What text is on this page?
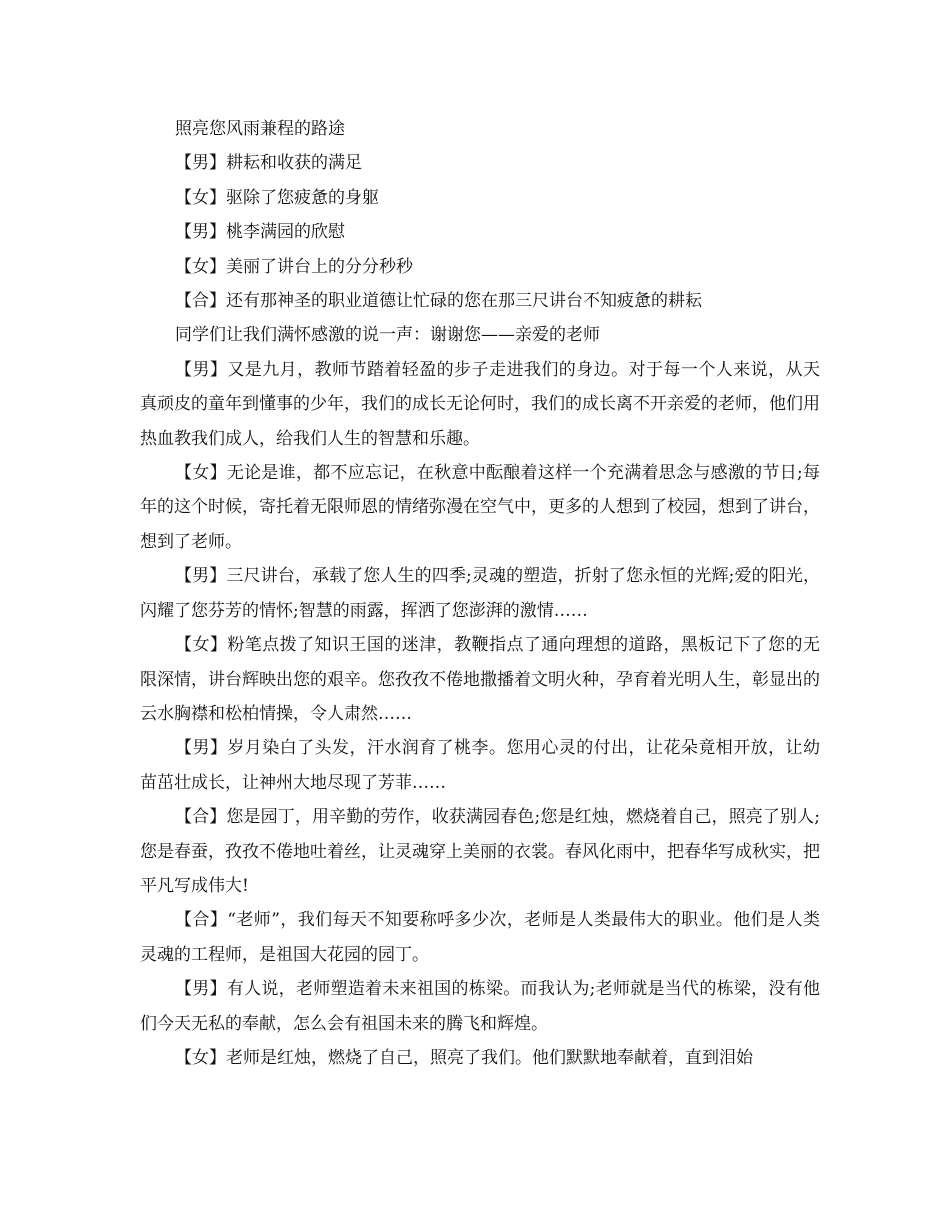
照亮您风雨兼程的路途

【男】耕耘和收获的满足

【女】驱除了您疲惫的身躯

【男】桃李满园的欣慰

【女】美丽了讲台上的分分秒秒

【合】还有那神圣的职业道德让忙碌的您在那三尺讲台不知疲惫的耕耘

同学们让我们满怀感激的说一声：谢谢您——亲爱的老师

【男】又是九月，教师节踏着轻盈的步子走进我们的身边。对于每一个人来说，从天真顽皮的童年到懂事的少年，我们的成长无论何时，我们的成长离不开亲爱的老师，他们用热血教我们成人，给我们人生的智慧和乐趣。

【女】无论是谁，都不应忘记，在秋意中酝酿着这样一个充满着思念与感激的节日;每年的这个时候，寄托着无限师恩的情绪弥漫在空气中，更多的人想到了校园，想到了讲台，想到了老师。

【男】三尺讲台，承载了您人生的四季;灵魂的塑造，折射了您永恒的光辉;爱的阳光，闪耀了您芬芳的情怀;智慧的雨露，挥洒了您澎湃的激情……

【女】粉笔点拨了知识王国的迷津，教鞭指点了通向理想的道路，黑板记下了您的无限深情，讲台辉映出您的艰辛。您孜孜不倦地撒播着文明火种，孕育着光明人生，彰显出的云水胸襟和松柏情操，令人肃然……

【男】岁月染白了头发，汗水润育了桃李。您用心灵的付出，让花朵竟相开放，让幼苗茁壮成长，让神州大地尽现了芳菲……

【合】您是园丁，用辛勤的劳作，收获满园春色;您是红烛，燃烧着自己，照亮了别人;您是春蚕，孜孜不倦地吐着丝，让灵魂穿上美丽的衣裳。春风化雨中，把春华写成秋实，把平凡写成伟大!

【合】“老师”，我们每天不知要称呼多少次，老师是人类最伟大的职业。他们是人类灵魂的工程师，是祖国大花园的园丁。

【男】有人说，老师塑造着未来祖国的栋梁。而我认为;老师就是当代的栋梁，没有他们今天无私的奉献，怎么会有祖国未来的腾飞和辉煌。

【女】老师是红烛，燃烧了自己，照亮了我们。他们默默地奉献着，直到泪始
